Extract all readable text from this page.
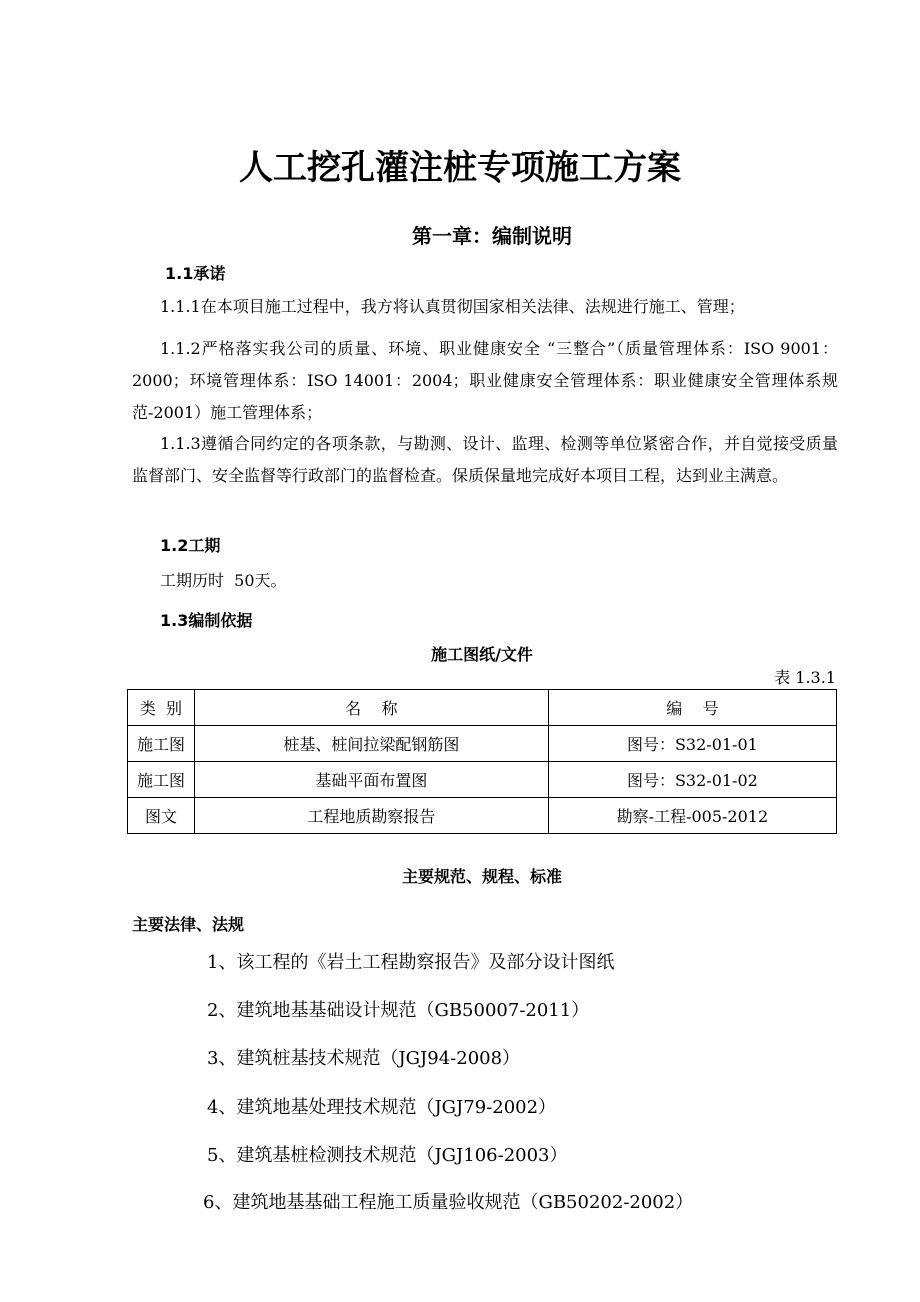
人工挖孔灌注桩专项施工方案
第一章：编制说明
1.1承诺
1.1.1在本项目施工过程中，我方将认真贯彻国家相关法律、法规进行施工、管理；
1.1.2严格落实我公司的质量、环境、职业健康安全 “三整合”（质量管理体系：ISO 9001：2000；环境管理体系：ISO 14001：2004；职业健康安全管理体系：职业健康安全管理体系规范-2001）施工管理体系；
1.1.3遵循合同约定的各项条款，与勘测、设计、监理、检测等单位紧密合作，并自觉接受质量监督部门、安全监督等行政部门的监督检查。保质保量地完成好本项目工程，达到业主满意。
1.2工期
工期历时  50天。
1.3编制依据
施工图纸/文件
表 1.3.1
类  别	名    称	编    号
施工图	桩基、桩间拉梁配钢筋图	图号：S32-01-01
施工图	基础平面布置图	图号：S32-01-02
图文	工程地质勘察报告	勘察-工程-005-2012
主要规范、规程、标准
主要法律、法规
1、该工程的《岩土工程勘察报告》及部分设计图纸
2、建筑地基基础设计规范（GB50007-2011）
3、建筑桩基技术规范（JGJ94-2008）
4、建筑地基处理技术规范（JGJ79-2002）
5、建筑基桩检测技术规范（JGJ106-2003）
6、建筑地基基础工程施工质量验收规范（GB50202-2002）
